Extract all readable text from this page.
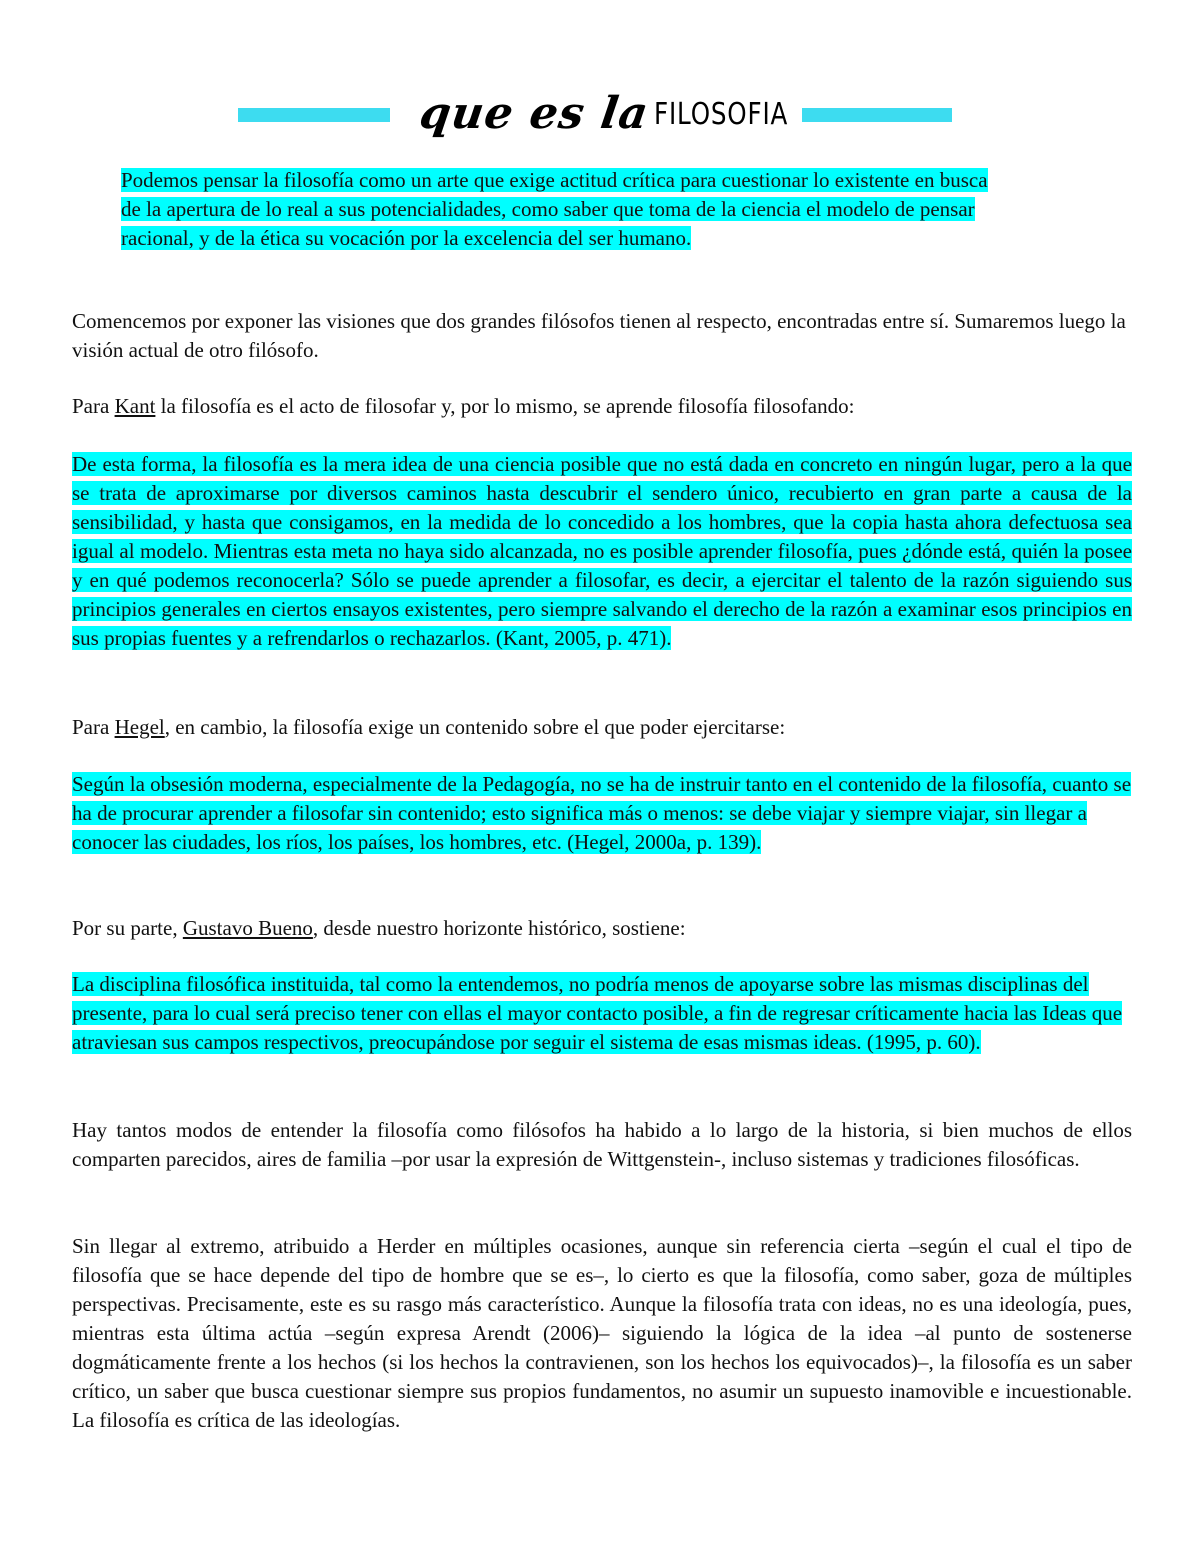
que es la FILOSOFIA

Podemos pensar la filosofía como un arte que exige actitud crítica para cuestionar lo existente en busca de la apertura de lo real a sus potencialidades, como saber que toma de la ciencia el modelo de pensar racional, y de la ética su vocación por la excelencia del ser humano.

Comencemos por exponer las visiones que dos grandes filósofos tienen al respecto, encontradas entre sí. Sumaremos luego la visión actual de otro filósofo.

Para Kant la filosofía es el acto de filosofar y, por lo mismo, se aprende filosofía filosofando:

De esta forma, la filosofía es la mera idea de una ciencia posible que no está dada en concreto en ningún lugar, pero a la que se trata de aproximarse por diversos caminos hasta descubrir el sendero único, recubierto en gran parte a causa de la sensibilidad, y hasta que consigamos, en la medida de lo concedido a los hombres, que la copia hasta ahora defectuosa sea igual al modelo. Mientras esta meta no haya sido alcanzada, no es posible aprender filosofía, pues ¿dónde está, quién la posee y en qué podemos reconocerla? Sólo se puede aprender a filosofar, es decir, a ejercitar el talento de la razón siguiendo sus principios generales en ciertos ensayos existentes, pero siempre salvando el derecho de la razón a examinar esos principios en sus propias fuentes y a refrendarlos o rechazarlos. (Kant, 2005, p. 471).

Para Hegel, en cambio, la filosofía exige un contenido sobre el que poder ejercitarse:

Según la obsesión moderna, especialmente de la Pedagogía, no se ha de instruir tanto en el contenido de la filosofía, cuanto se ha de procurar aprender a filosofar sin contenido; esto significa más o menos: se debe viajar y siempre viajar, sin llegar a conocer las ciudades, los ríos, los países, los hombres, etc. (Hegel, 2000a, p. 139).

Por su parte, Gustavo Bueno, desde nuestro horizonte histórico, sostiene:

La disciplina filosófica instituida, tal como la entendemos, no podría menos de apoyarse sobre las mismas disciplinas del presente, para lo cual será preciso tener con ellas el mayor contacto posible, a fin de regresar críticamente hacia las Ideas que atraviesan sus campos respectivos, preocupándose por seguir el sistema de esas mismas ideas. (1995, p. 60).

Hay tantos modos de entender la filosofía como filósofos ha habido a lo largo de la historia, si bien muchos de ellos comparten parecidos, aires de familia –por usar la expresión de Wittgenstein-, incluso sistemas y tradiciones filosóficas.

Sin llegar al extremo, atribuido a Herder en múltiples ocasiones, aunque sin referencia cierta –según el cual el tipo de filosofía que se hace depende del tipo de hombre que se es–, lo cierto es que la filosofía, como saber, goza de múltiples perspectivas. Precisamente, este es su rasgo más característico. Aunque la filosofía trata con ideas, no es una ideología, pues, mientras esta última actúa –según expresa Arendt (2006)– siguiendo la lógica de la idea –al punto de sostenerse dogmáticamente frente a los hechos (si los hechos la contravienen, son los hechos los equivocados)–, la filosofía es un saber crítico, un saber que busca cuestionar siempre sus propios fundamentos, no asumir un supuesto inamovible e incuestionable. La filosofía es crítica de las ideologías.
